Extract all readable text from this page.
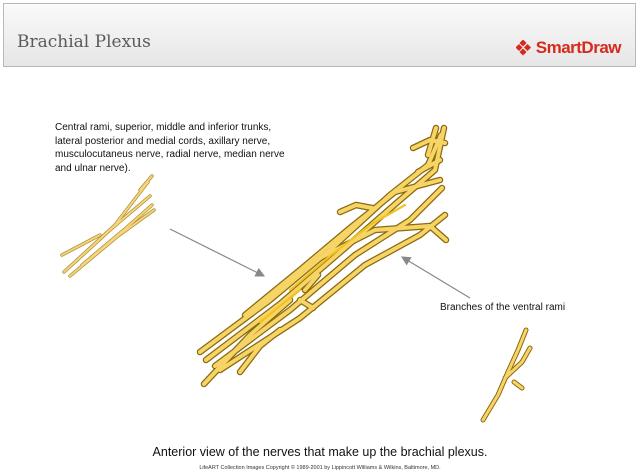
Brachial Plexus	SmartDraw

Central rami, superior, middle and inferior trunks, lateral posterior and medial cords, axillary nerve, musculocutaneus nerve, radial nerve, median nerve and ulnar nerve).

Branches of the ventral rami
Anterior view of the nerves that make up the brachial plexus.
LifeART Collection Images Copyright © 1989-2001 by Lippincott Williams & Wilkins, Baltimore, MD.
